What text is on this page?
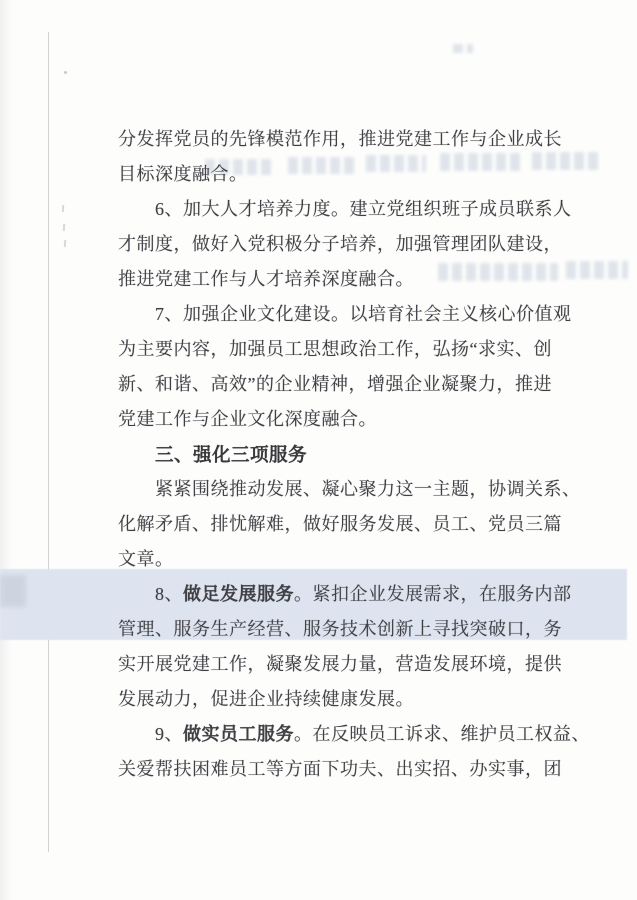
分发挥党员的先锋模范作用，推进党建工作与企业成长
目标深度融合。
6、加大人才培养力度。建立党组织班子成员联系人
才制度，做好入党积极分子培养，加强管理团队建设，
推进党建工作与人才培养深度融合。
7、加强企业文化建设。以培育社会主义核心价值观
为主要内容，加强员工思想政治工作，弘扬“求实、创
新、和谐、高效”的企业精神，增强企业凝聚力，推进
党建工作与企业文化深度融合。
三、强化三项服务
紧紧围绕推动发展、凝心聚力这一主题，协调关系、
化解矛盾、排忧解难，做好服务发展、员工、党员三篇
文章。
8、做足发展服务。紧扣企业发展需求，在服务内部
管理、服务生产经营、服务技术创新上寻找突破口，务
实开展党建工作，凝聚发展力量，营造发展环境，提供
发展动力，促进企业持续健康发展。
9、做实员工服务。在反映员工诉求、维护员工权益、
关爱帮扶困难员工等方面下功夫、出实招、办实事，团
